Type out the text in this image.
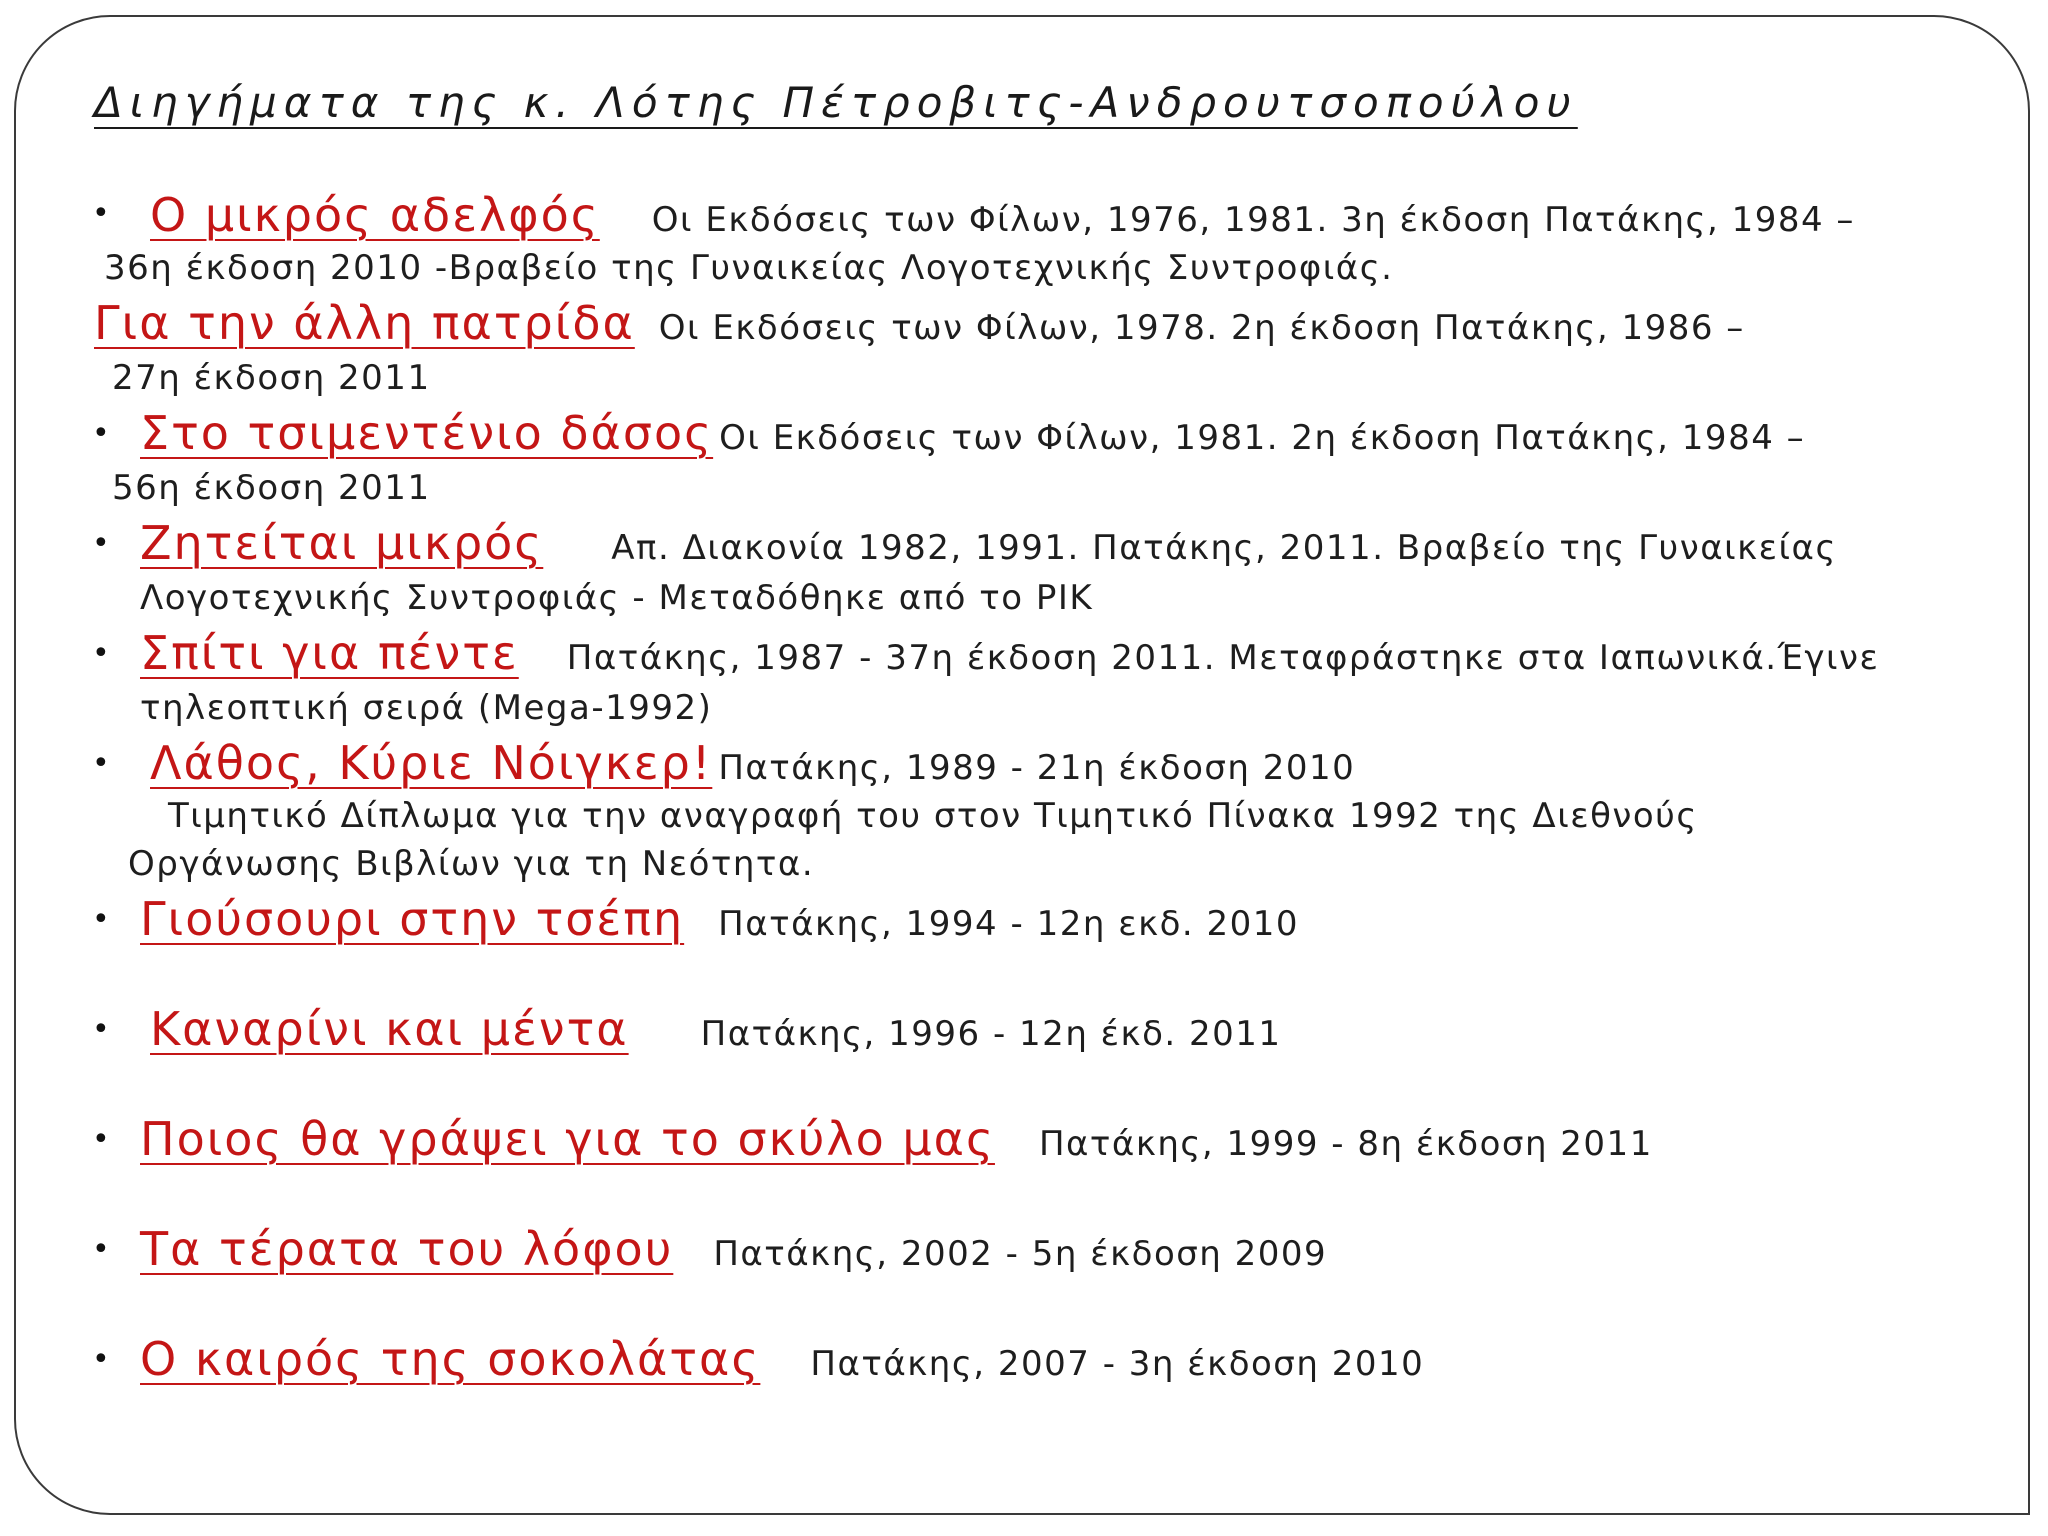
Διηγήματα της κ. Λότης Πέτροβιτς-Ανδρουτσοπούλου
• Ο μικρός αδελφός Οι Εκδόσεις των Φίλων, 1976, 1981. 3η έκδοση Πατάκης, 1984 –
36η έκδοση 2010 -Βραβείο της Γυναικείας Λογοτεχνικής Συντροφιάς.
Για την άλλη πατρίδα Οι Εκδόσεις των Φίλων, 1978. 2η έκδοση Πατάκης, 1986 –
27η έκδοση 2011
• Στο τσιμεντένιο δάσος Οι Εκδόσεις των Φίλων, 1981. 2η έκδοση Πατάκης, 1984 –
56η έκδοση 2011
• Ζητείται μικρός Απ. Διακονία 1982, 1991. Πατάκης, 2011. Βραβείο της Γυναικείας
Λογοτεχνικής Συντροφιάς - Μεταδόθηκε από το ΡΙΚ
• Σπίτι για πέντε Πατάκης, 1987 - 37η έκδοση 2011. Μεταφράστηκε στα Ιαπωνικά.Έγινε
τηλεοπτική σειρά (Mega-1992)
• Λάθος, Κύριε Νόιγκερ! Πατάκης, 1989 - 21η έκδοση 2010
Τιμητικό Δίπλωμα για την αναγραφή του στον Τιμητικό Πίνακα 1992 της Διεθνούς
Οργάνωσης Βιβλίων για τη Νεότητα.
• Γιούσουρι στην τσέπη Πατάκης, 1994 - 12η εκδ. 2010
• Καναρίνι και μέντα Πατάκης, 1996 - 12η έκδ. 2011
• Ποιος θα γράψει για το σκύλο μας Πατάκης, 1999 - 8η έκδοση 2011
• Τα τέρατα του λόφου Πατάκης, 2002 - 5η έκδοση 2009
• Ο καιρός της σοκολάτας Πατάκης, 2007 - 3η έκδοση 2010
